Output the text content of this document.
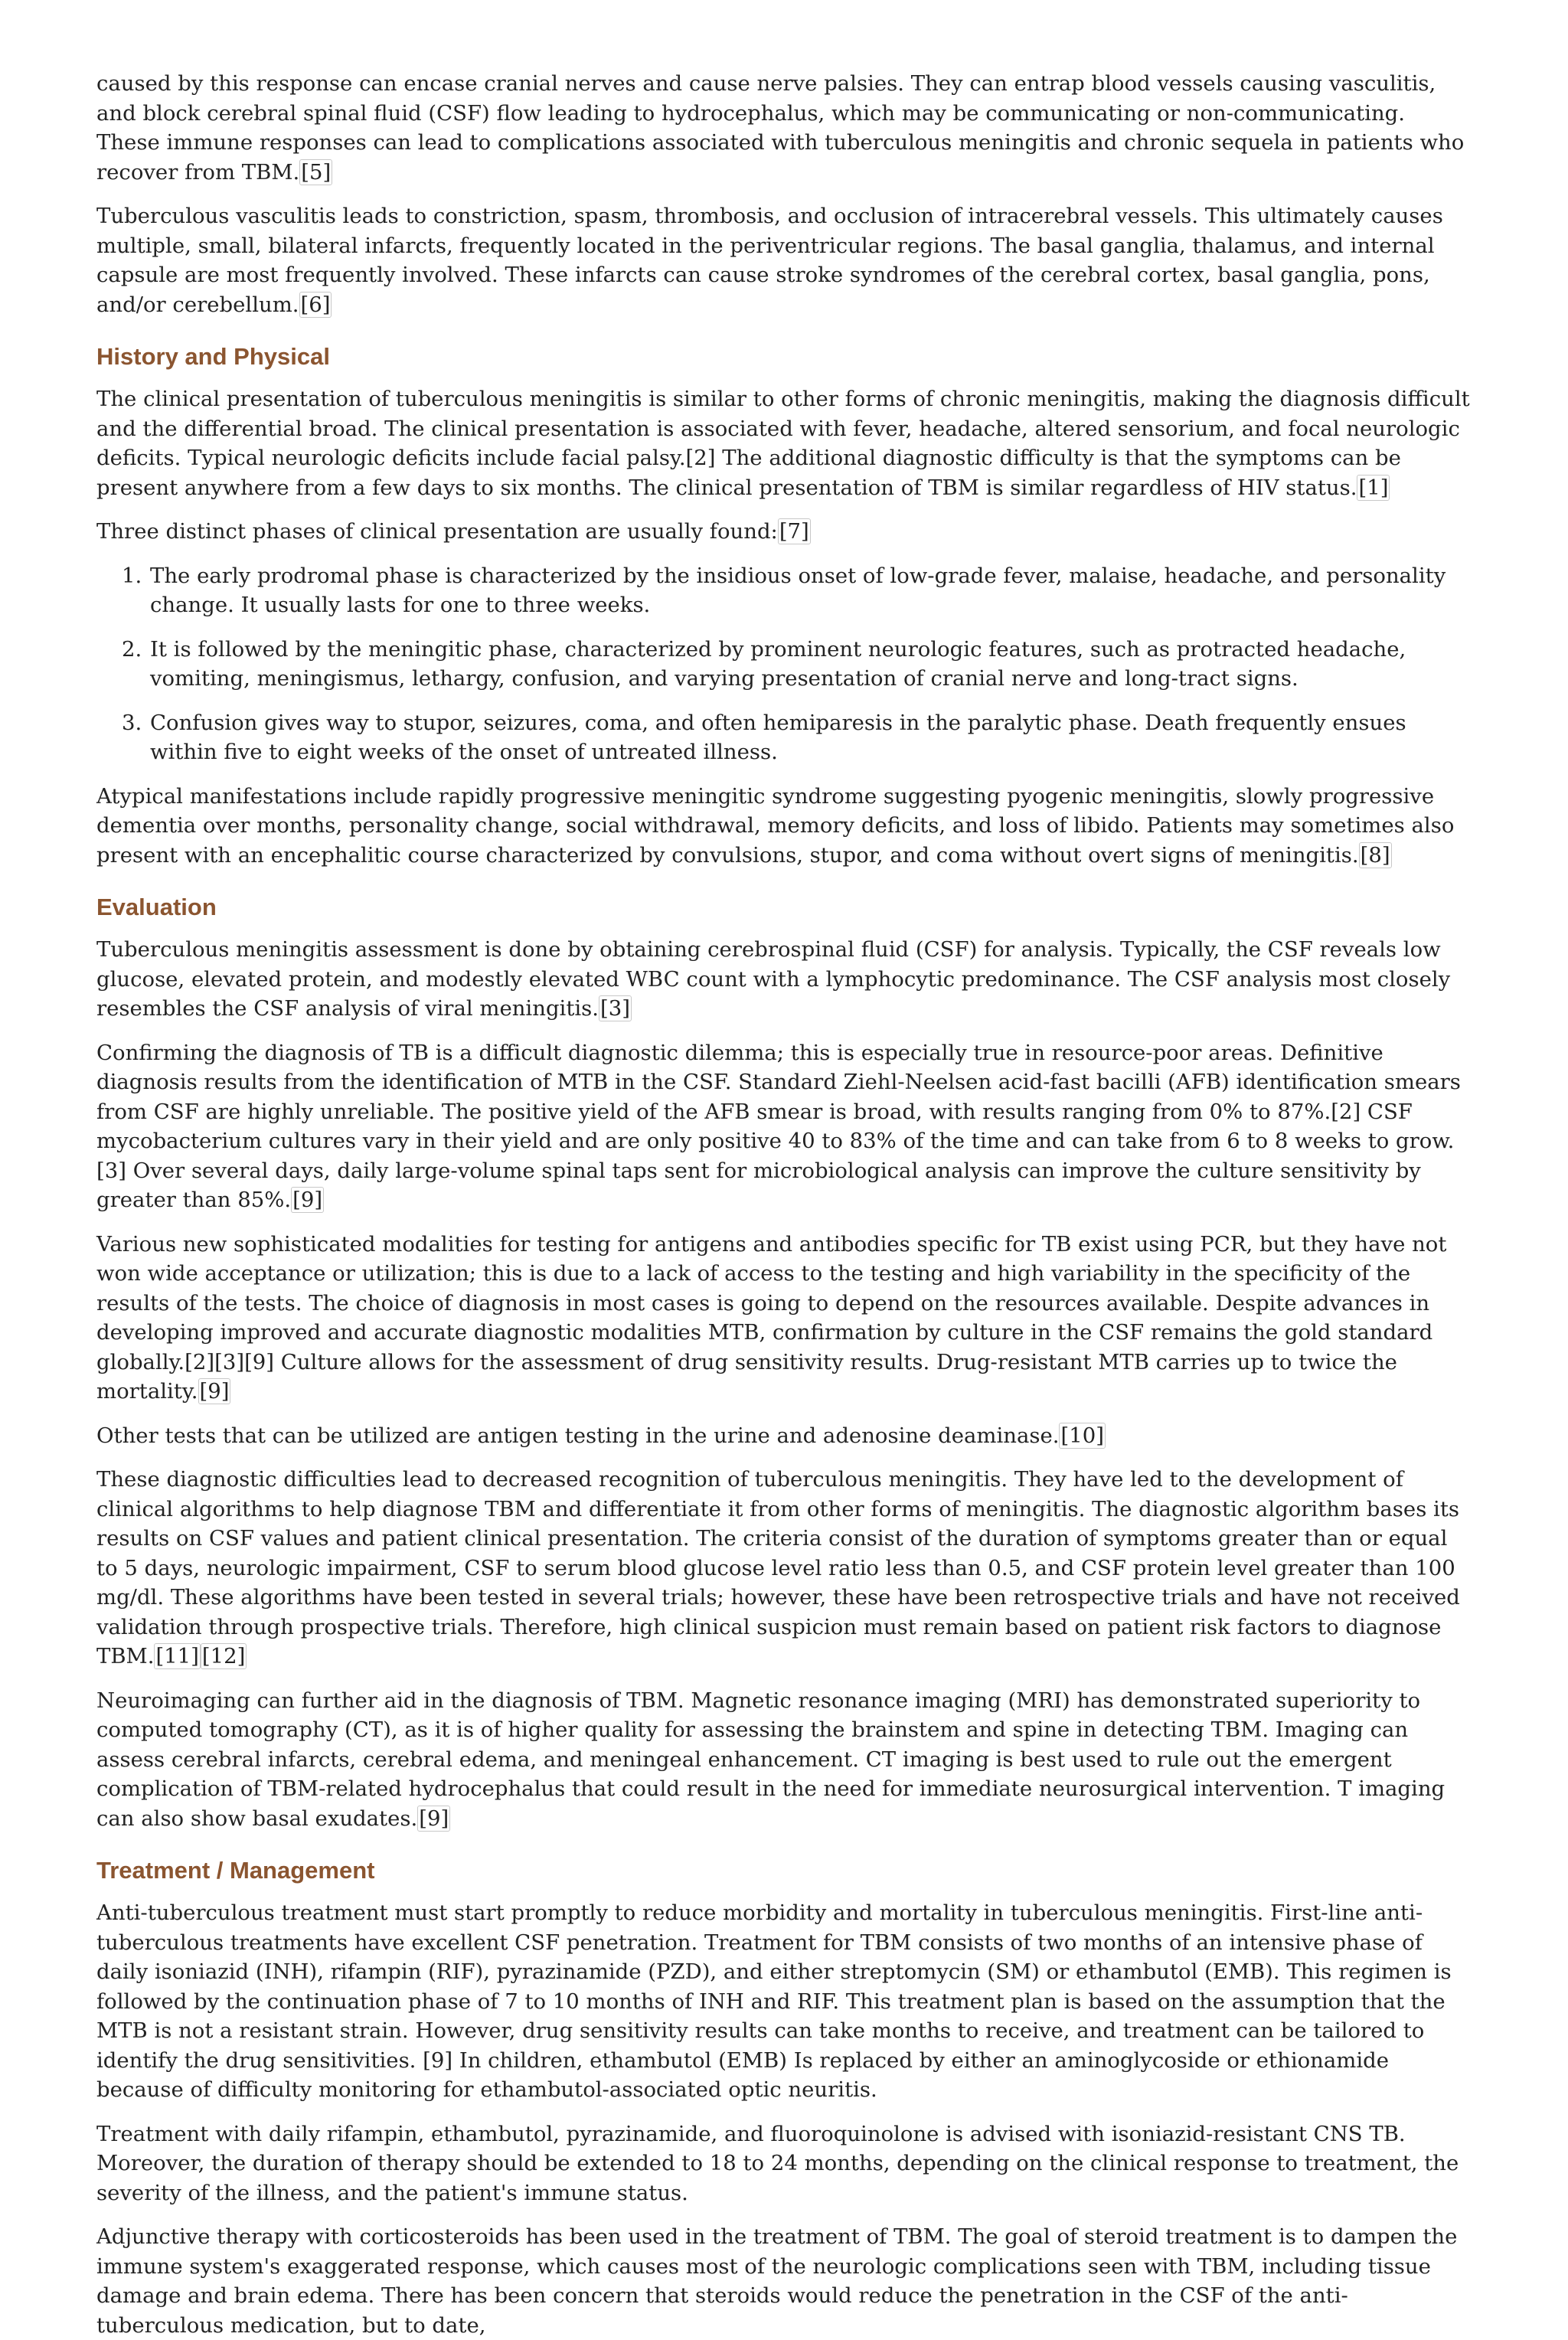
caused by this response can encase cranial nerves and cause nerve palsies. They can entrap blood vessels causing vasculitis, and block cerebral spinal fluid (CSF) flow leading to hydrocephalus, which may be communicating or non-communicating. These immune responses can lead to complications associated with tuberculous meningitis and chronic sequela in patients who recover from TBM.[5]

Tuberculous vasculitis leads to constriction, spasm, thrombosis, and occlusion of intracerebral vessels. This ultimately causes multiple, small, bilateral infarcts, frequently located in the periventricular regions. The basal ganglia, thalamus, and internal capsule are most frequently involved. These infarcts can cause stroke syndromes of the cerebral cortex, basal ganglia, pons, and/or cerebellum.[6]

History and Physical

The clinical presentation of tuberculous meningitis is similar to other forms of chronic meningitis, making the diagnosis difficult and the differential broad. The clinical presentation is associated with fever, headache, altered sensorium, and focal neurologic deficits. Typical neurologic deficits include facial palsy.[2] The additional diagnostic difficulty is that the symptoms can be present anywhere from a few days to six months. The clinical presentation of TBM is similar regardless of HIV status.[1]

Three distinct phases of clinical presentation are usually found:[7]

1. The early prodromal phase is characterized by the insidious onset of low-grade fever, malaise, headache, and personality change. It usually lasts for one to three weeks.
2. It is followed by the meningitic phase, characterized by prominent neurologic features, such as protracted headache, vomiting, meningismus, lethargy, confusion, and varying presentation of cranial nerve and long-tract signs.
3. Confusion gives way to stupor, seizures, coma, and often hemiparesis in the paralytic phase. Death frequently ensues within five to eight weeks of the onset of untreated illness.

Atypical manifestations include rapidly progressive meningitic syndrome suggesting pyogenic meningitis, slowly progressive dementia over months, personality change, social withdrawal, memory deficits, and loss of libido. Patients may sometimes also present with an encephalitic course characterized by convulsions, stupor, and coma without overt signs of meningitis.[8]

Evaluation

Tuberculous meningitis assessment is done by obtaining cerebrospinal fluid (CSF) for analysis. Typically, the CSF reveals low glucose, elevated protein, and modestly elevated WBC count with a lymphocytic predominance. The CSF analysis most closely resembles the CSF analysis of viral meningitis.[3]

Confirming the diagnosis of TB is a difficult diagnostic dilemma; this is especially true in resource-poor areas. Definitive diagnosis results from the identification of MTB in the CSF. Standard Ziehl-Neelsen acid-fast bacilli (AFB) identification smears from CSF are highly unreliable. The positive yield of the AFB smear is broad, with results ranging from 0% to 87%.[2] CSF mycobacterium cultures vary in their yield and are only positive 40 to 83% of the time and can take from 6 to 8 weeks to grow.[3] Over several days, daily large-volume spinal taps sent for microbiological analysis can improve the culture sensitivity by greater than 85%.[9]

Various new sophisticated modalities for testing for antigens and antibodies specific for TB exist using PCR, but they have not won wide acceptance or utilization; this is due to a lack of access to the testing and high variability in the specificity of the results of the tests. The choice of diagnosis in most cases is going to depend on the resources available. Despite advances in developing improved and accurate diagnostic modalities MTB, confirmation by culture in the CSF remains the gold standard globally.[2][3][9] Culture allows for the assessment of drug sensitivity results. Drug-resistant MTB carries up to twice the mortality.[9]

Other tests that can be utilized are antigen testing in the urine and adenosine deaminase.[10]

These diagnostic difficulties lead to decreased recognition of tuberculous meningitis. They have led to the development of clinical algorithms to help diagnose TBM and differentiate it from other forms of meningitis. The diagnostic algorithm bases its results on CSF values and patient clinical presentation. The criteria consist of the duration of symptoms greater than or equal to 5 days, neurologic impairment, CSF to serum blood glucose level ratio less than 0.5, and CSF protein level greater than 100 mg/dl. These algorithms have been tested in several trials; however, these have been retrospective trials and have not received validation through prospective trials. Therefore, high clinical suspicion must remain based on patient risk factors to diagnose TBM.[11] [12]

Neuroimaging can further aid in the diagnosis of TBM. Magnetic resonance imaging (MRI) has demonstrated superiority to computed tomography (CT), as it is of higher quality for assessing the brainstem and spine in detecting TBM. Imaging can assess cerebral infarcts, cerebral edema, and meningeal enhancement. CT imaging is best used to rule out the emergent complication of TBM-related hydrocephalus that could result in the need for immediate neurosurgical intervention. T imaging can also show basal exudates.[9]

Treatment / Management

Anti-tuberculous treatment must start promptly to reduce morbidity and mortality in tuberculous meningitis. First-line anti-tuberculous treatments have excellent CSF penetration. Treatment for TBM consists of two months of an intensive phase of daily isoniazid (INH), rifampin (RIF), pyrazinamide (PZD), and either streptomycin (SM) or ethambutol (EMB). This regimen is followed by the continuation phase of 7 to 10 months of INH and RIF. This treatment plan is based on the assumption that the MTB is not a resistant strain. However, drug sensitivity results can take months to receive, and treatment can be tailored to identify the drug sensitivities. [9] In children, ethambutol (EMB) Is replaced by either an aminoglycoside or ethionamide because of difficulty monitoring for ethambutol-associated optic neuritis.

Treatment with daily rifampin, ethambutol, pyrazinamide, and fluoroquinolone is advised with isoniazid-resistant CNS TB. Moreover, the duration of therapy should be extended to 18 to 24 months, depending on the clinical response to treatment, the severity of the illness, and the patient's immune status.

Adjunctive therapy with corticosteroids has been used in the treatment of TBM. The goal of steroid treatment is to dampen the immune system's exaggerated response, which causes most of the neurologic complications seen with TBM, including tissue damage and brain edema. There has been concern that steroids would reduce the penetration in the CSF of the anti-tuberculous medication, but to date,
